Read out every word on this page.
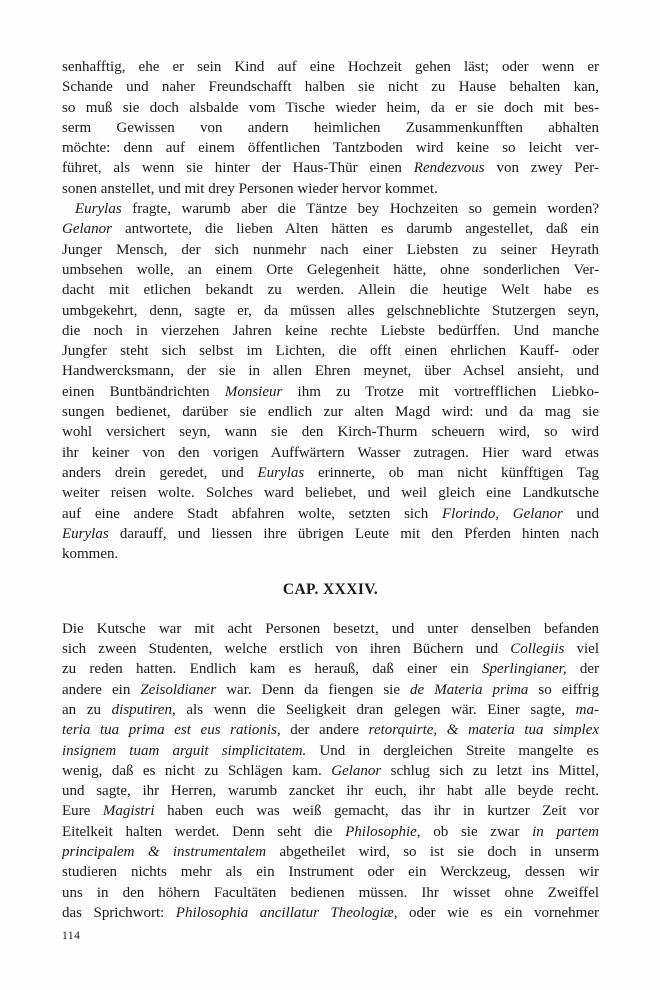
senhafftig, ehe er sein Kind auf eine Hochzeit gehen läst; oder wenn er
Schande und naher Freundschafft halben sie nicht zu Hause behalten kan,
so muß sie doch alsbalde vom Tische wieder heim, da er sie doch mit bes-
serm Gewissen von andern heimlichen Zusammenkunfften abhalten
möchte: denn auf einem öffentlichen Tantzboden wird keine so leicht ver-
führet, als wenn sie hinter der Haus-Thür einen Rendezvous von zwey Per-
sonen anstellet, und mit drey Personen wieder hervor kommet.
Eurylas fragte, warumb aber die Täntze bey Hochzeiten so gemein worden?
Gelanor antwortete, die lieben Alten hätten es darumb angestellet, daß ein
Junger Mensch, der sich nunmehr nach einer Liebsten zu seiner Heyrath
umbsehen wolle, an einem Orte Gelegenheit hätte, ohne sonderlichen Ver-
dacht mit etlichen bekandt zu werden. Allein die heutige Welt habe es
umbgekehrt, denn, sagte er, da müssen alles gelschneblichte Stutzergen seyn,
die noch in vierzehen Jahren keine rechte Liebste bedürffen. Und manche
Jungfer steht sich selbst im Lichten, die offt einen ehrlichen Kauff- oder
Handwercksmann, der sie in allen Ehren meynet, über Achsel ansieht, und
einen Buntbändrichten Monsieur ihm zu Trotze mit vortrefflichen Liebko-
sungen bedienet, darüber sie endlich zur alten Magd wird: und da mag sie
wohl versichert seyn, wann sie den Kirch-Thurm scheuern wird, so wird
ihr keiner von den vorigen Auffwärtern Wasser zutragen. Hier ward etwas
anders drein geredet, und Eurylas erinnerte, ob man nicht künfftigen Tag
weiter reisen wolte. Solches ward beliebet, und weil gleich eine Landkutsche
auf eine andere Stadt abfahren wolte, setzten sich Florindo, Gelanor und
Eurylas darauff, und liessen ihre übrigen Leute mit den Pferden hinten nach
kommen.
CAP. XXXIV.
Die Kutsche war mit acht Personen besetzt, und unter denselben befanden
sich zween Studenten, welche erstlich von ihren Büchern und Collegiis viel
zu reden hatten. Endlich kam es herauß, daß einer ein Sperlingianer, der
andere ein Zeisoldianer war. Denn da fiengen sie de Materia prima so eiffrig
an zu disputiren, als wenn die Seeligkeit dran gelegen wär. Einer sagte, ma-
teria tua prima est eus rationis, der andere retorquirte, & materia tua simplex
insignem tuam arguit simplicitatem. Und in dergleichen Streite mangelte es
wenig, daß es nicht zu Schlägen kam. Gelanor schlug sich zu letzt ins Mittel,
und sagte, ihr Herren, warumb zancket ihr euch, ihr habt alle beyde recht.
Eure Magistri haben euch was weiß gemacht, das ihr in kurtzer Zeit vor
Eitelkeit halten werdet. Denn seht die Philosophie, ob sie zwar in partem
principalem & instrumentalem abgetheilet wird, so ist sie doch in unserm
studieren nichts mehr als ein Instrument oder ein Werckzeug, dessen wir
uns in den höhern Facultäten bedienen müssen. Ihr wisset ohne Zweiffel
das Sprichwort: Philosophia ancillatur Theologiæ, oder wie es ein vornehmer
114
